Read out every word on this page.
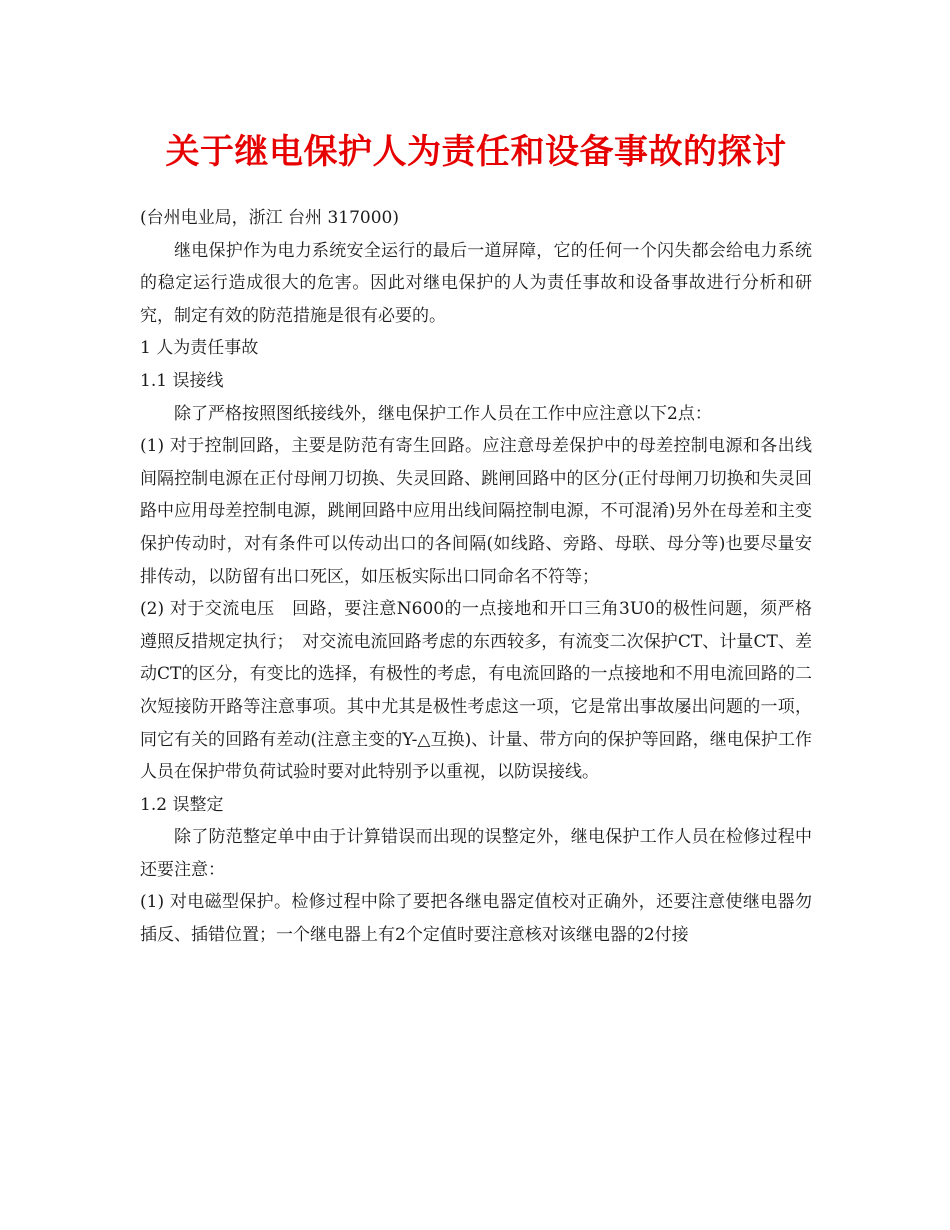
关于继电保护人为责任和设备事故的探讨

(台州电业局，浙江 台州 317000)

继电保护作为电力系统安全运行的最后一道屏障，它的任何一个闪失都会给电力系统的稳定运行造成很大的危害。因此对继电保护的人为责任事故和设备事故进行分析和研究，制定有效的防范措施是很有必要的。

1 人为责任事故

1.1 误接线

除了严格按照图纸接线外，继电保护工作人员在工作中应注意以下2点：

(1) 对于控制回路，主要是防范有寄生回路。应注意母差保护中的母差控制电源和各出线间隔控制电源在正付母闸刀切换、失灵回路、跳闸回路中的区分(正付母闸刀切换和失灵回路中应用母差控制电源，跳闸回路中应用出线间隔控制电源，不可混淆)另外在母差和主变保护传动时，对有条件可以传动出口的各间隔(如线路、旁路、母联、母分等)也要尽量安排传动，以防留有出口死区，如压板实际出口同命名不符等；

(2) 对于交流电压　回路，要注意N600的一点接地和开口三角3U0的极性问题，须严格遵照反措规定执行；　对交流电流回路考虑的东西较多，有流变二次保护CT、计量CT、差动CT的区分，有变比的选择，有极性的考虑，有电流回路的一点接地和不用电流回路的二次短接防开路等注意事项。其中尤其是极性考虑这一项，它是常出事故屡出问题的一项，同它有关的回路有差动(注意主变的Y-△互换)、计量、带方向的保护等回路，继电保护工作人员在保护带负荷试验时要对此特别予以重视，以防误接线。

1.2 误整定

除了防范整定单中由于计算错误而出现的误整定外，继电保护工作人员在检修过程中还要注意：

(1) 对电磁型保护。检修过程中除了要把各继电器定值校对正确外，还要注意使继电器勿插反、插错位置；一个继电器上有2个定值时要注意核对该继电器的2付接
